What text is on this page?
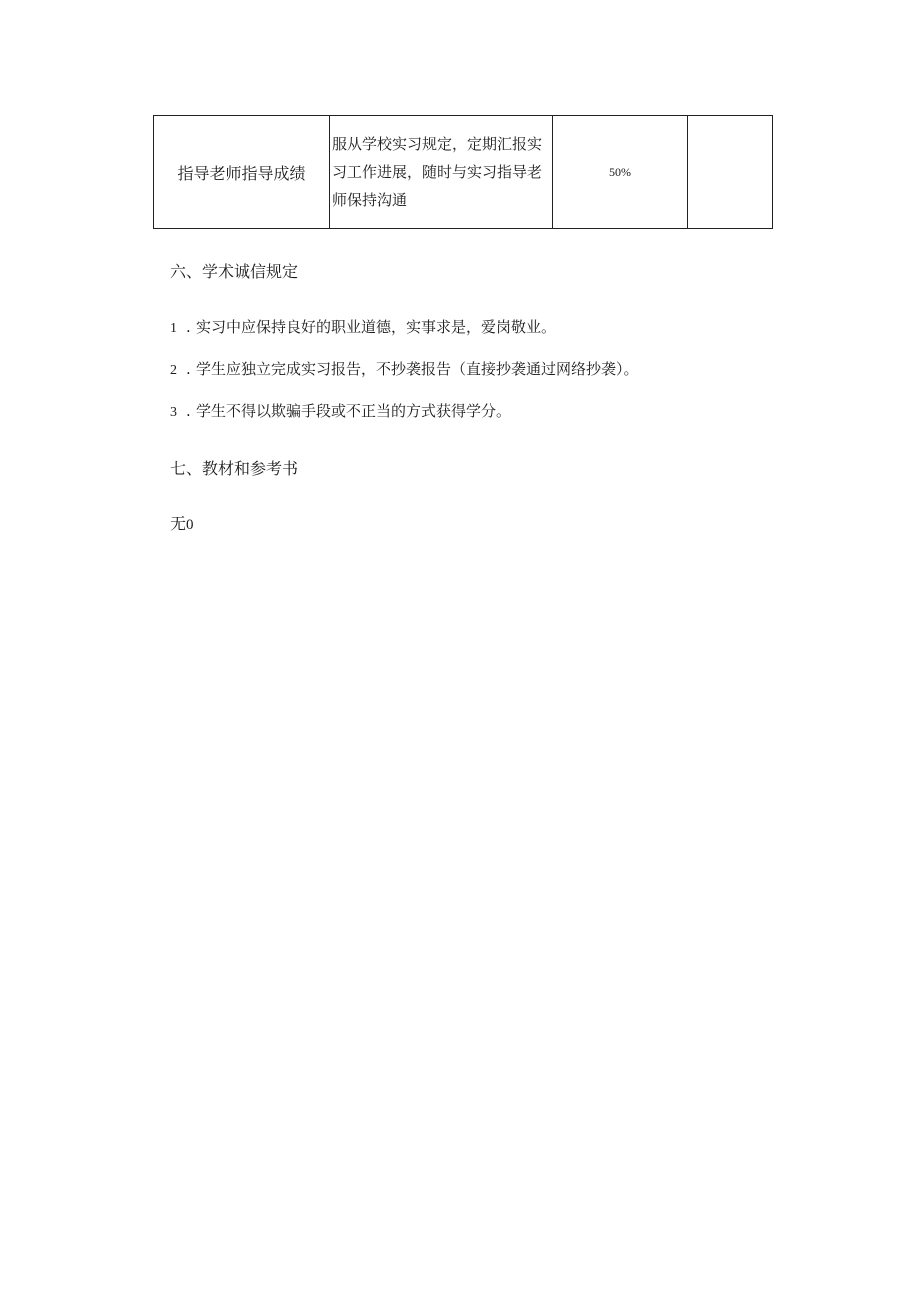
指导老师指导成绩	服从学校实习规定，定期汇报实习工作进展，随时与实习指导老师保持沟通	50%	
六、学术诚信规定
1 . 实习中应保持良好的职业道德，实事求是，爱岗敬业。
2 . 学生应独立完成实习报告，不抄袭报告（直接抄袭通过网络抄袭）。
3 . 学生不得以欺骗手段或不正当的方式获得学分。
七、教材和参考书
无0
